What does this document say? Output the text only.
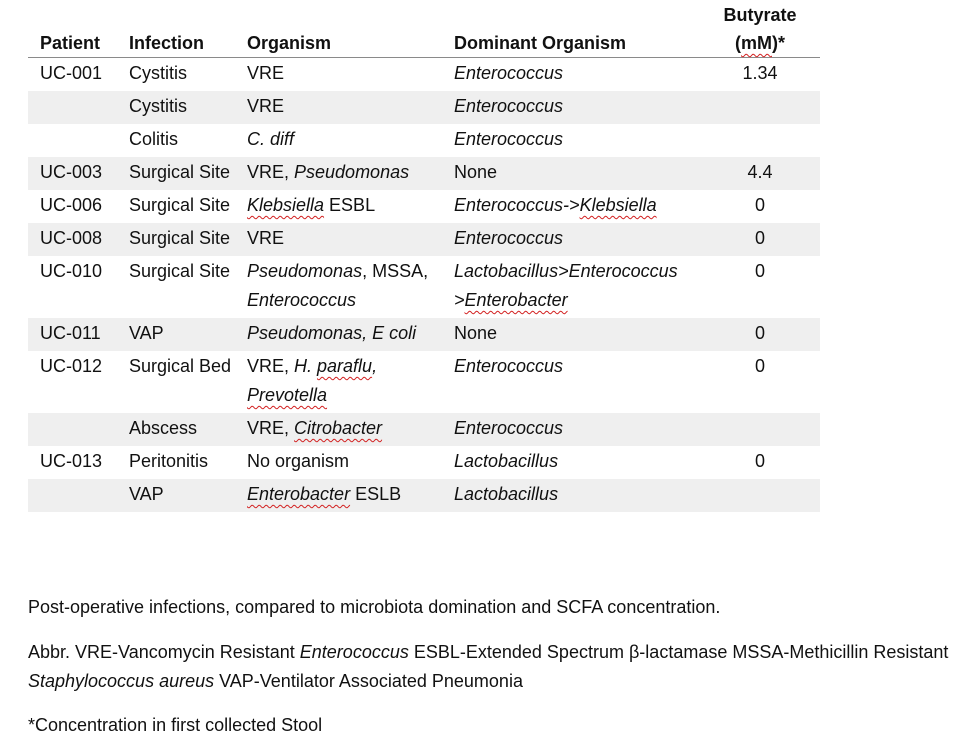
Patient	Infection	Organism	Dominant Organism	Butyrate
(mM)*
UC-001	Cystitis	VRE	Enterococcus	1.34
	Cystitis	VRE	Enterococcus	
	Colitis	C. diff	Enterococcus	
UC-003	Surgical Site	VRE, Pseudomonas	None	4.4
UC-006	Surgical Site	Klebsiella ESBL	Enterococcus->Klebsiella	0
UC-008	Surgical Site	VRE	Enterococcus	0
UC-010	Surgical Site	Pseudomonas, MSSA, Enterococcus	Lactobacillus>Enterococcus >Enterobacter	0
UC-011	VAP	Pseudomonas, E coli	None	0
UC-012	Surgical Bed	VRE, H. paraflu, Prevotella	Enterococcus	0
	Abscess	VRE, Citrobacter	Enterococcus	
UC-013	Peritonitis	No organism	Lactobacillus	0
	VAP	Enterobacter ESLB	Lactobacillus	
Post-operative infections, compared to microbiota domination and SCFA concentration.
Abbr. VRE-Vancomycin Resistant Enterococcus ESBL-Extended Spectrum β-lactamase MSSA-Methicillin Resistant Staphylococcus aureus VAP-Ventilator Associated Pneumonia
*Concentration in first collected Stool
